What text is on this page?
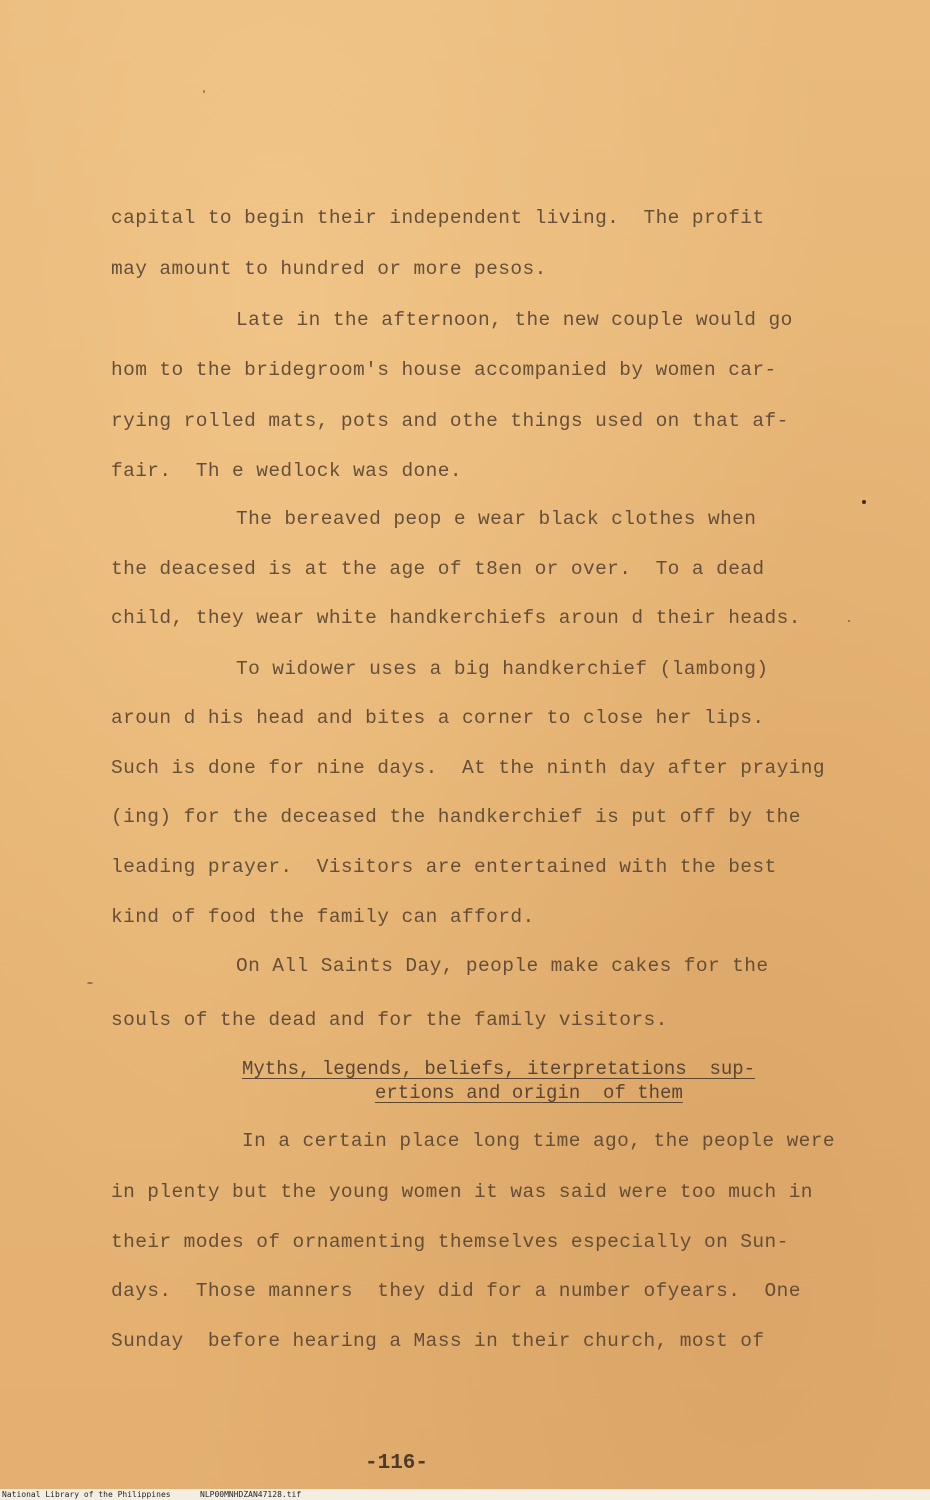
capital to begin their independent living.  The profit
may amount to hundred or more pesos.
Late in the afternoon, the new couple would go
hom to the bridegroom's house accompanied by women car-
rying rolled mats, pots and othe things used on that af-
fair.  Th e wedlock was done.
The bereaved peop e wear black clothes when
the deacesed is at the age of t8en or over.  To a dead
child, they wear white handkerchiefs aroun d their heads.
To widower uses a big handkerchief (lambong)
aroun d his head and bites a corner to close her lips.
Such is done for nine days.  At the ninth day after praying
(ing) for the deceased the handkerchief is put off by the
leading prayer.  Visitors are entertained with the best
kind of food the family can afford.
On All Saints Day, people make cakes for the
souls of the dead and for the family visitors.
Myths, legends, beliefs, iterpretations  sup-
ertions and origin  of them
In a certain place long time ago, the people were
in plenty but the young women it was said were too much in
their modes of ornamenting themselves especially on Sun-
days.  Those manners  they did for a number ofyears.  One
Sunday  before hearing a Mass in their church, most of
-116-
National Library of the Philippines	NLP00MNHDZAN47128.tif
